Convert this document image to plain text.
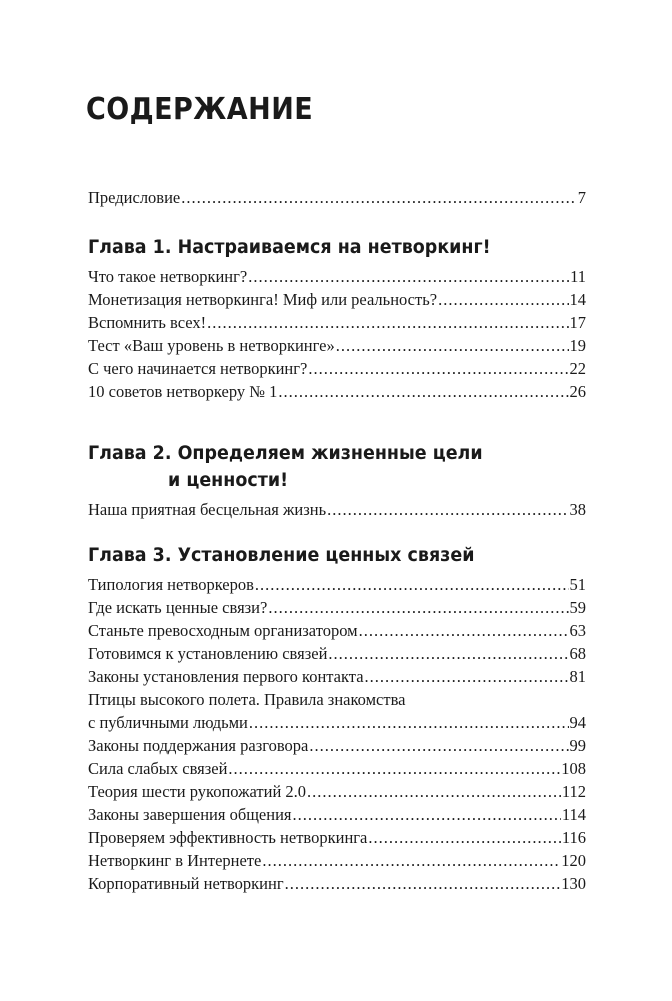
СОДЕРЖАНИЕ
Предисловие .....	7
Глава 1. Настраиваемся на нетворкинг!
Что такое нетворкинг? .....	11
Монетизация нетворкинга! Миф или реальность? .....	14
Вспомнить всех! .....	17
Тест «Ваш уровень в нетворкинге» .....	19
С чего начинается нетворкинг? .....	22
10 советов нетворкеру № 1 .....	26
Глава 2. Определяем жизненные цели
и ценности!
Наша приятная бесцельная жизнь .....	38
Глава 3. Установление ценных связей
Типология нетворкеров .....	51
Где искать ценные связи? .....	59
Станьте превосходным организатором .....	63
Готовимся к установлению связей .....	68
Законы установления первого контакта .....	81
Птицы высокого полета. Правила знакомства
с публичными людьми .....	94
Законы поддержания разговора .....	99
Сила слабых связей .....	108
Теория шести рукопожатий 2.0 .....	112
Законы завершения общения .....	114
Проверяем эффективность нетворкинга .....	116
Нетворкинг в Интернете .....	120
Корпоративный нетворкинг .....	130
